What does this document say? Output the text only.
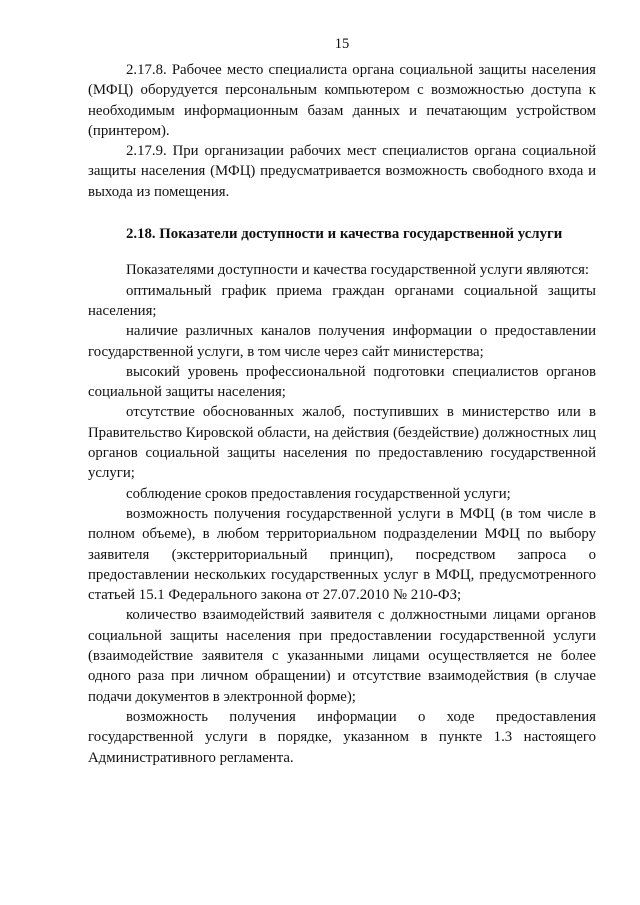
15

2.17.8. Рабочее место специалиста органа социальной защиты населения (МФЦ) оборудуется персональным компьютером с возможностью доступа к необходимым информационным базам данных и печатающим устройством (принтером).

2.17.9. При организации рабочих мест специалистов органа социальной защиты населения (МФЦ) предусматривается возможность свободного входа и выхода из помещения.

2.18. Показатели доступности и качества государственной услуги

Показателями доступности и качества государственной услуги являются:

оптимальный график приема граждан органами социальной защиты населения;

наличие различных каналов получения информации о предоставлении государственной услуги, в том числе через сайт министерства;

высокий уровень профессиональной подготовки специалистов органов социальной защиты населения;

отсутствие обоснованных жалоб, поступивших в министерство или в Правительство Кировской области, на действия (бездействие) должностных лиц органов социальной защиты населения по предоставлению государственной услуги;

соблюдение сроков предоставления государственной услуги;

возможность получения государственной услуги в МФЦ (в том числе в полном объеме), в любом территориальном подразделении МФЦ по выбору заявителя (экстерриториальный принцип), посредством запроса о предоставлении нескольких государственных услуг в МФЦ, предусмотренного статьей 15.1 Федерального закона от 27.07.2010 № 210-ФЗ;

количество взаимодействий заявителя с должностными лицами органов социальной защиты населения при предоставлении государственной услуги (взаимодействие заявителя с указанными лицами осуществляется не более одного раза при личном обращении) и отсутствие взаимодействия (в случае подачи документов в электронной форме);

возможность получения информации о ходе предоставления государственной услуги в порядке, указанном в пункте 1.3 настоящего Административного регламента.
